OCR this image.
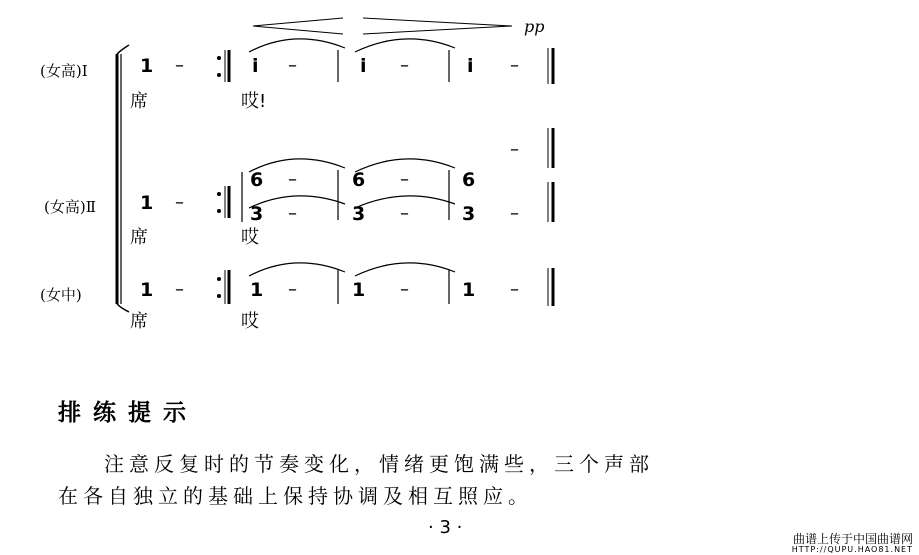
pp
(女高)Ⅰ	1 –	i –	i –	i –
席	哎!
(女高)Ⅱ
–
1 –
6 –	6 –	6
3 –	3 –	3 –
席	哎
(女中)	1 –	1 –	1 –	1 –
席	哎
排练提示
注意反复时的节奏变化，情绪更饱满些，三个声部
在各自独立的基础上保持协调及相互照应。
· 3 ·
曲谱上传于中国曲谱网
HTTP://QUPU.HAO81.NET
